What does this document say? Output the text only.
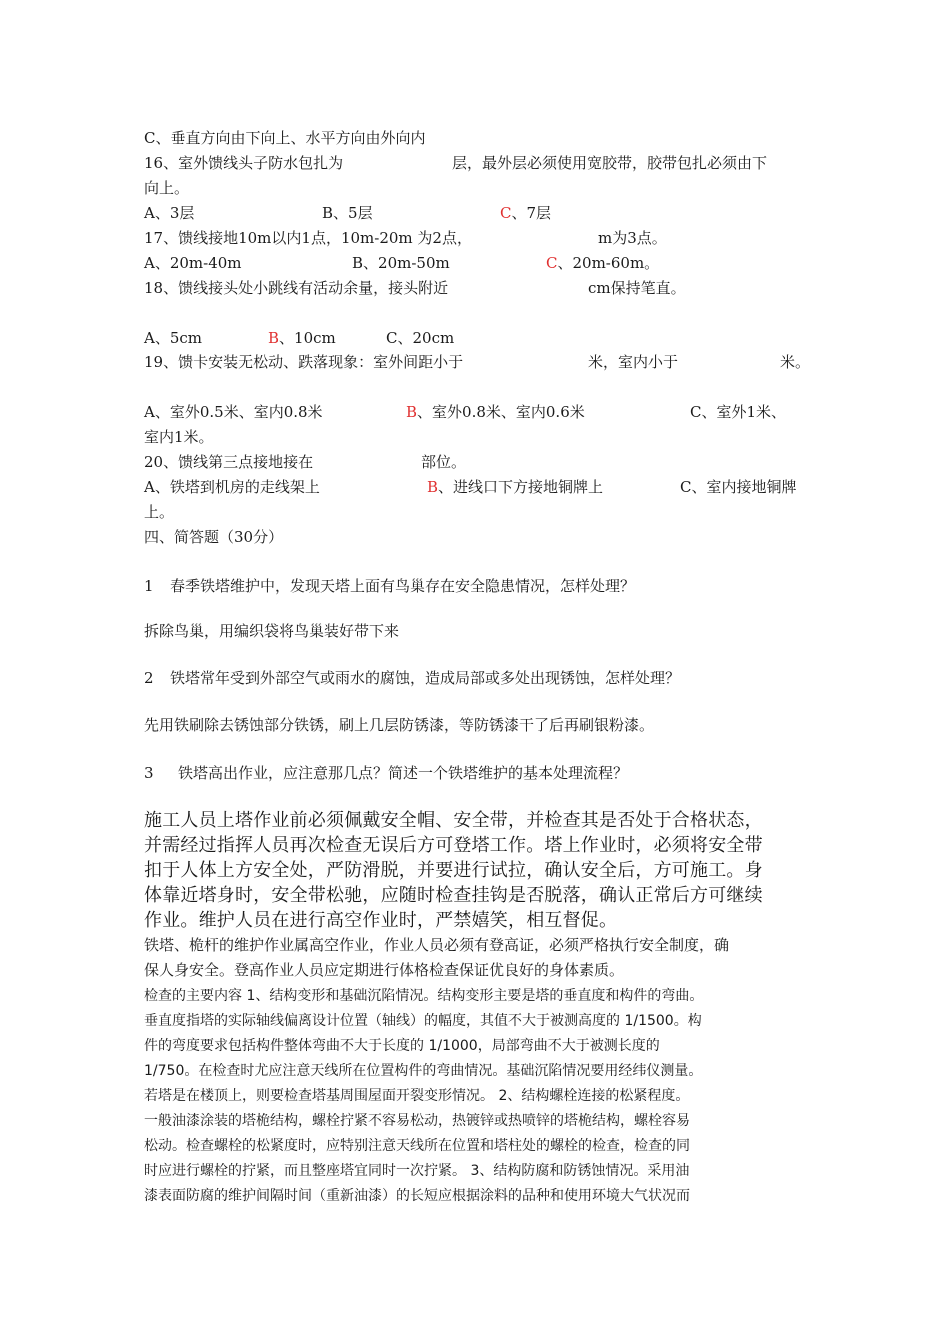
C、垂直方向由下向上、水平方向由外向内
16、室外馈线头子防水包扎为	层，最外层必须使用宽胶带，胶带包扎必须由下
向上。
A、3层	B、5层	C、7层
17、馈线接地10m以内1点，10m-20m 为2点，	m为3点。
A、20m-40m	B、20m-50m	C、20m-60m。
18、馈线接头处小跳线有活动余量，接头附近	cm保持笔直。
A、5cm	B、10cm	C、20cm
19、馈卡安装无松动、跌落现象：室外间距小于	米，室内小于	米。
A、室外0.5米、室内0.8米	B、室外0.8米、室内0.6米	C、室外1米、
室内1米。
20、馈线第三点接地接在	部位。
A、铁塔到机房的走线架上	B、进线口下方接地铜牌上	C、室内接地铜牌
上。
四、简答题（30分）
1 春季铁塔维护中，发现天塔上面有鸟巢存在安全隐患情况，怎样处理？
拆除鸟巢，用编织袋将鸟巢装好带下来
2 铁塔常年受到外部空气或雨水的腐蚀，造成局部或多处出现锈蚀，怎样处理？
先用铁刷除去锈蚀部分铁锈，刷上几层防锈漆，等防锈漆干了后再刷银粉漆。
3 铁塔高出作业，应注意那几点？简述一个铁塔维护的基本处理流程？
施工人员上塔作业前必须佩戴安全帽、安全带，并检查其是否处于合格状态，
并需经过指挥人员再次检查无误后方可登塔工作。塔上作业时，必须将安全带
扣于人体上方安全处，严防滑脱，并要进行试拉，确认安全后，方可施工。身
体靠近塔身时，安全带松驰，应随时检查挂钩是否脱落，确认正常后方可继续
作业。维护人员在进行高空作业时，严禁嬉笑，相互督促。
铁塔、桅杆的维护作业属高空作业，作业人员必须有登高证，必须严格执行安全制度，确
保人身安全。登高作业人员应定期进行体格检查保证优良好的身体素质。
检查的主要内容 1、结构变形和基础沉陷情况。结构变形主要是塔的垂直度和构件的弯曲。
垂直度指塔的实际轴线偏离设计位置（轴线）的幅度，其值不大于被测高度的 1/1500。构
件的弯度要求包括构件整体弯曲不大于长度的 1/1000，局部弯曲不大于被测长度的
1/750。在检查时尤应注意天线所在位置构件的弯曲情况。基础沉陷情况要用经纬仪测量。
若塔是在楼顶上，则要检查塔基周围屋面开裂变形情况。 2、结构螺栓连接的松紧程度。
一般油漆涂装的塔桅结构，螺栓拧紧不容易松动，热镀锌或热喷锌的塔桅结构，螺栓容易
松动。检查螺栓的松紧度时，应特别注意天线所在位置和塔柱处的螺栓的检查，检查的同
时应进行螺栓的拧紧，而且整座塔宜同时一次拧紧。 3、结构防腐和防锈蚀情况。采用油
漆表面防腐的维护间隔时间（重新油漆）的长短应根据涂料的品种和使用环境大气状况而
